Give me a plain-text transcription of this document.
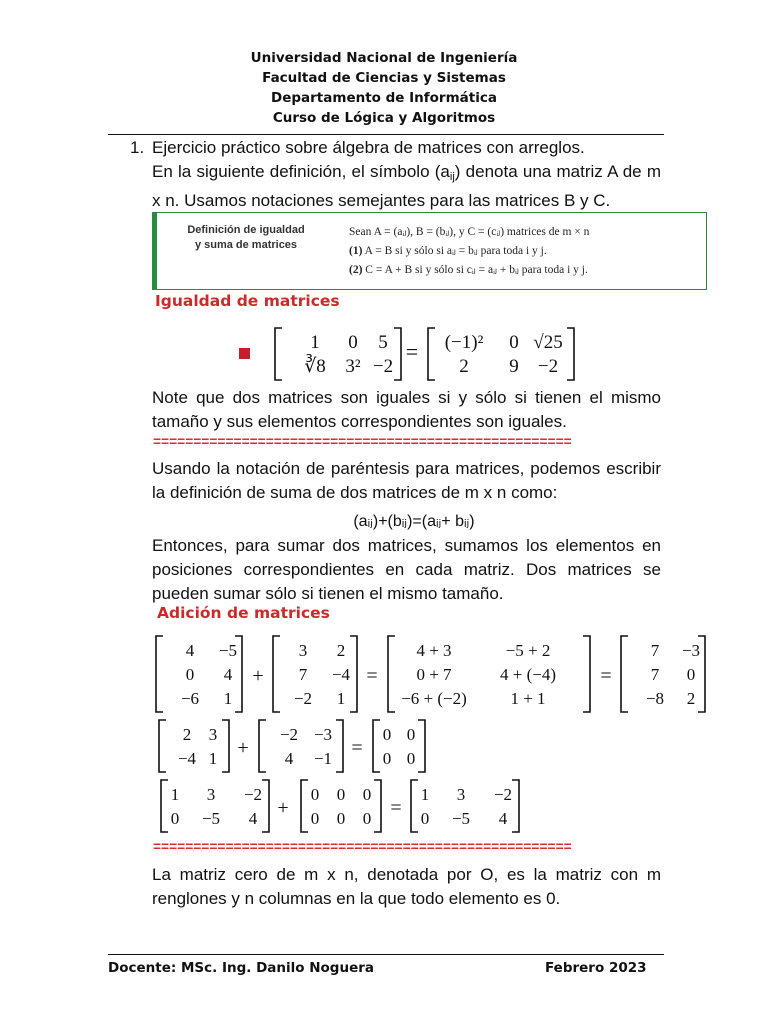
Universidad Nacional de Ingeniería
Facultad de Ciencias y Sistemas
Departamento de Informática
Curso de Lógica y Algoritmos
1. Ejercicio práctico sobre álgebra de matrices con arreglos.
En la siguiente definición, el símbolo $(a_{ij})$ denota una matriz A de m x n. Usamos notaciones semejantes para las matrices B y C.
Definición de igualdad
y suma de matrices
Sean A = (aᵢⱼ), B = (bᵢⱼ), y C = (cᵢⱼ) matrices de m × n
(1) A = B si y sólo si aᵢⱼ = bᵢⱼ para toda i y j.
(2) C = A + B si y sólo si cᵢⱼ = aᵢⱼ + bᵢⱼ para toda i y j.
Igualdad de matrices
Note que dos matrices son iguales si y sólo si tienen el mismo tamaño y sus elementos correspondientes son iguales.
====================================================
Usando la notación de paréntesis para matrices, podemos escribir la definición de suma de dos matrices de m x n como:
(aᵢⱼ)+(bᵢⱼ)=(aᵢⱼ+ bᵢⱼ)
Entonces, para sumar dos matrices, sumamos los elementos en posiciones correspondientes en cada matriz. Dos matrices se pueden sumar sólo si tienen el mismo tamaño.
Adición de matrices
====================================================
La matriz cero de m x n, denotada por O, es la matriz con m renglones y n columnas en la que todo elemento es 0.
Docente: MSc. Ing. Danilo Noguera	Febrero 2023
1 0 5
∛8 3² −2
= (−1)² 0 √25
2 9 −2
4 −5
0 4
−6 1
+
3 2
7 −4
−2 1
=
4 + 3	−5 + 2
0 + 7	4 + (−4)
−6 + (−2)	1 + 1
=
7 −3
7 0
−8 2
2 3
−4 1 +
−2 −3
4 −1 =
0 0
0 0
1 3 −2
0 −5 4 +
0 0 0
0 0 0 =
1 3 −2
0 −5 4
